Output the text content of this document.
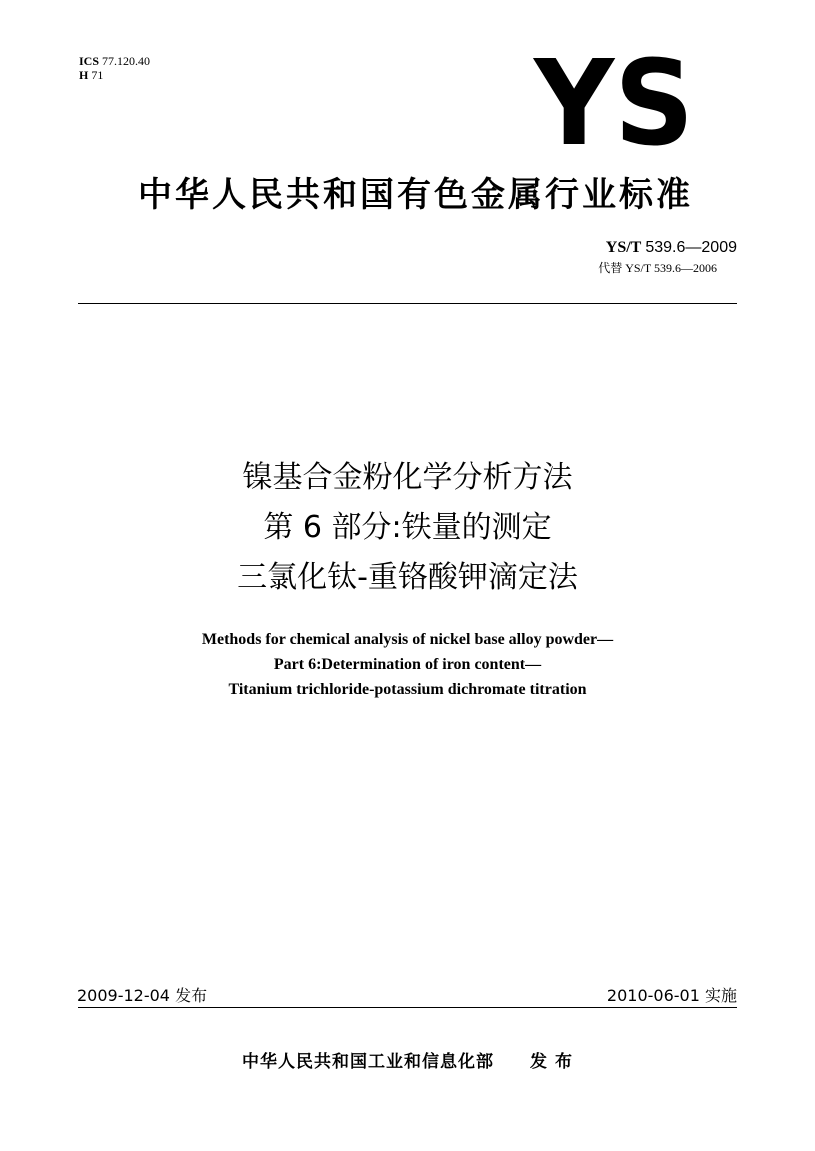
ICS 77.120.40
H 71	YS
中华人民共和国有色金属行业标准
YS/T 539.6—2009
代替 YS/T 539.6—2006
镍基合金粉化学分析方法
第 6 部分:铁量的测定
三氯化钛-重铬酸钾滴定法
Methods for chemical analysis of nickel base alloy powder—
Part 6:Determination of iron content—
Titanium trichloride-potassium dichromate titration
2009-12-04 发布	2010-06-01 实施
中华人民共和国工业和信息化部 发 布
